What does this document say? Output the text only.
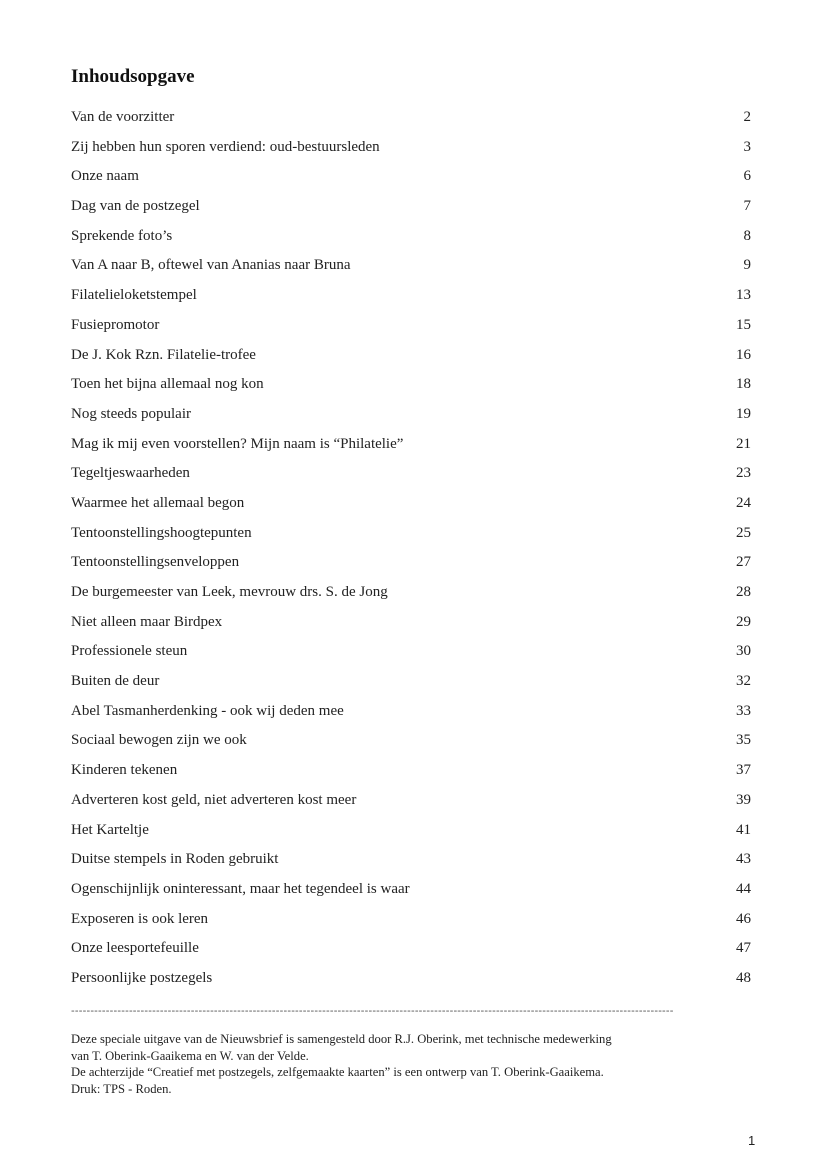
Inhoudsopgave
Van de voorzitter	2
Zij hebben hun sporen verdiend: oud-bestuursleden	3
Onze naam	6
Dag van de postzegel	7
Sprekende foto’s	8
Van A naar B, oftewel van Ananias naar Bruna	9
Filatelieloketstempel	13
Fusiepromotor	15
De J. Kok Rzn. Filatelie-trofee	16
Toen het bijna allemaal nog kon	18
Nog steeds populair	19
Mag ik mij even voorstellen? Mijn naam is “Philatelie”	21
Tegeltjeswaarheden	23
Waarmee het allemaal begon	24
Tentoonstellingshoogtepunten	25
Tentoonstellingsenveloppen	27
De burgemeester van Leek, mevrouw drs. S. de Jong	28
Niet alleen maar Birdpex	29
Professionele steun	30
Buiten de deur	32
Abel Tasmanherdenking - ook wij deden mee	33
Sociaal bewogen zijn we ook	35
Kinderen tekenen	37
Adverteren kost geld, niet adverteren kost meer	39
Het Karteltje	41
Duitse stempels in Roden gebruikt	43
Ogenschijnlijk oninteressant, maar het tegendeel is waar	44
Exposeren is ook leren	46
Onze leesportefeuille	47
Persoonlijke postzegels	48
------------------------------------------------------------------------------------------------------------------------------------------------------------

Deze speciale uitgave van de Nieuwsbrief is samengesteld door R.J. Oberink, met technische medewerking

van T. Oberink-Gaaikema en W. van der Velde.

De achterzijde “Creatief met postzegels, zelfgemaakte kaarten” is een ontwerp van T. Oberink-Gaaikema.

Druk: TPS - Roden.

1
